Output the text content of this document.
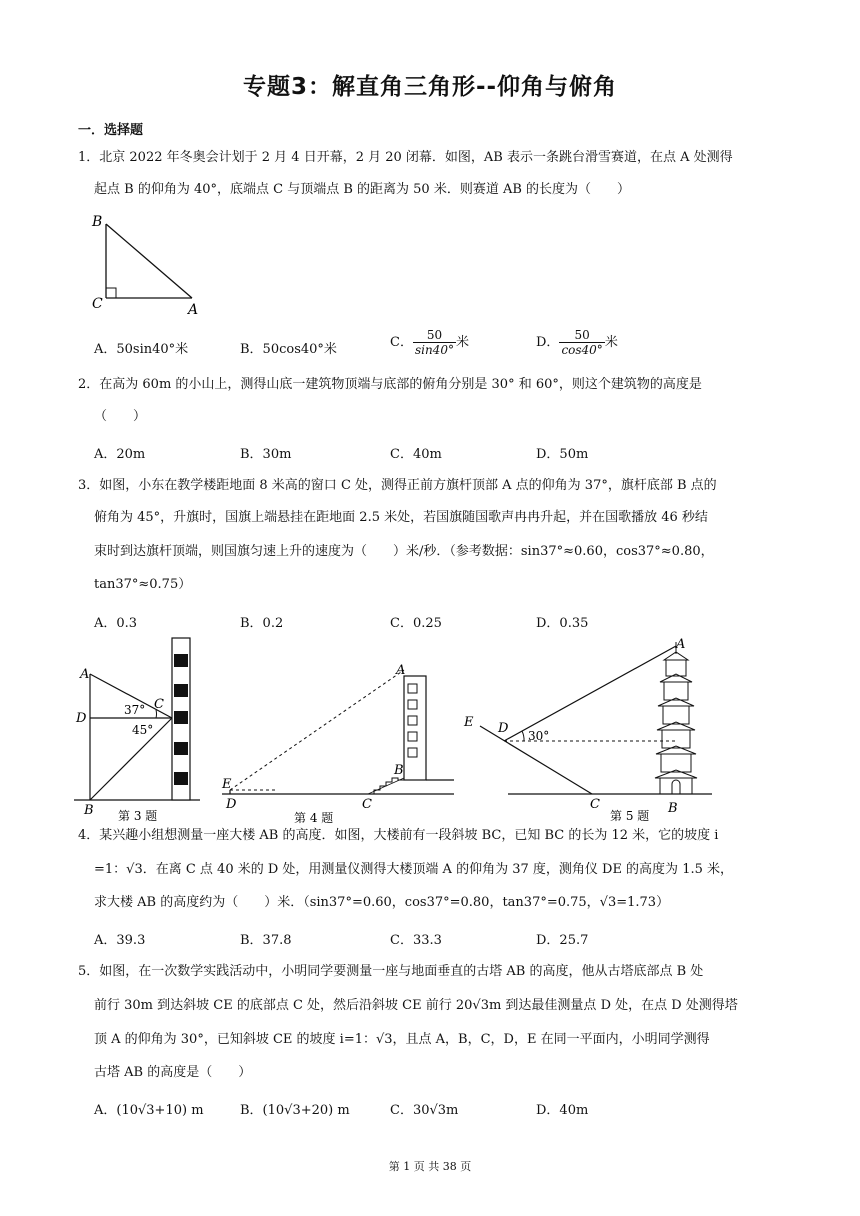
专题3：解直角三角形--仰角与俯角
一．选择题
1．北京 2022 年冬奥会计划于 2 月 4 日开幕，2 月 20 闭幕．如图，AB 表示一条跳台滑雪赛道，在点 A 处测得
起点 B 的仰角为 40°，底端点 C 与顶端点 B 的距离为 50 米．则赛道 AB 的长度为（　　）
B
C	A
A．50sin40°米	B．50cos40°米	C． $\frac{50}{\sin 40^\circ}$ 米	D． $\frac{50}{\cos 40^\circ}$ 米
2．在高为 60m 的小山上，测得山底一建筑物顶端与底部的俯角分别是 30° 和 60°，则这个建筑物的高度是
（　　）
A．20m	B．30m	C．40m	D．50m
3．如图，小东在教学楼距地面 8 米高的窗口 C 处，测得正前方旗杆顶部 A 点的仰角为 37°，旗杆底部 B 点的
俯角为 45°，升旗时，国旗上端悬挂在距地面 2.5 米处，若国旗随国歌声冉冉升起，并在国歌播放 46 秒结
束时到达旗杆顶端，则国旗匀速上升的速度为（　　）米/秒．（参考数据：sin37°≈0.60，cos37°≈0.80，
tan37°≈0.75）
A．0.3	B．0.2	C．0.25	D．0.35
A
C
D
B
37°
45°
第 3 题
A
B
E
D	C
第 4 题
A
E D 30°
C	B
第 5 题
4．某兴趣小组想测量一座大楼 AB 的高度．如图，大楼前有一段斜坡 BC，已知 BC 的长为 12 米，它的坡度 i
=1：√3．在离 C 点 40 米的 D 处，用测量仪测得大楼顶端 A 的仰角为 37 度，测角仪 DE 的高度为 1.5 米，
求大楼 AB 的高度约为（　　）米．（sin37°=0.60，cos37°=0.80，tan37°=0.75，√3=1.73）
A．39.3	B．37.8	C．33.3	D．25.7
5．如图，在一次数学实践活动中，小明同学要测量一座与地面垂直的古塔 AB 的高度，他从古塔底部点 B 处
前行 30m 到达斜坡 CE 的底部点 C 处，然后沿斜坡 CE 前行 20√3m 到达最佳测量点 D 处，在点 D 处测得塔
顶 A 的仰角为 30°，已知斜坡 CE 的坡度 i=1：√3，且点 A，B，C，D，E 在同一平面内，小明同学测得
古塔 AB 的高度是（　　）
A．(10√3+10) m	B．(10√3+20) m	C．30√3m	D．40m
第 1 页 共 38 页
